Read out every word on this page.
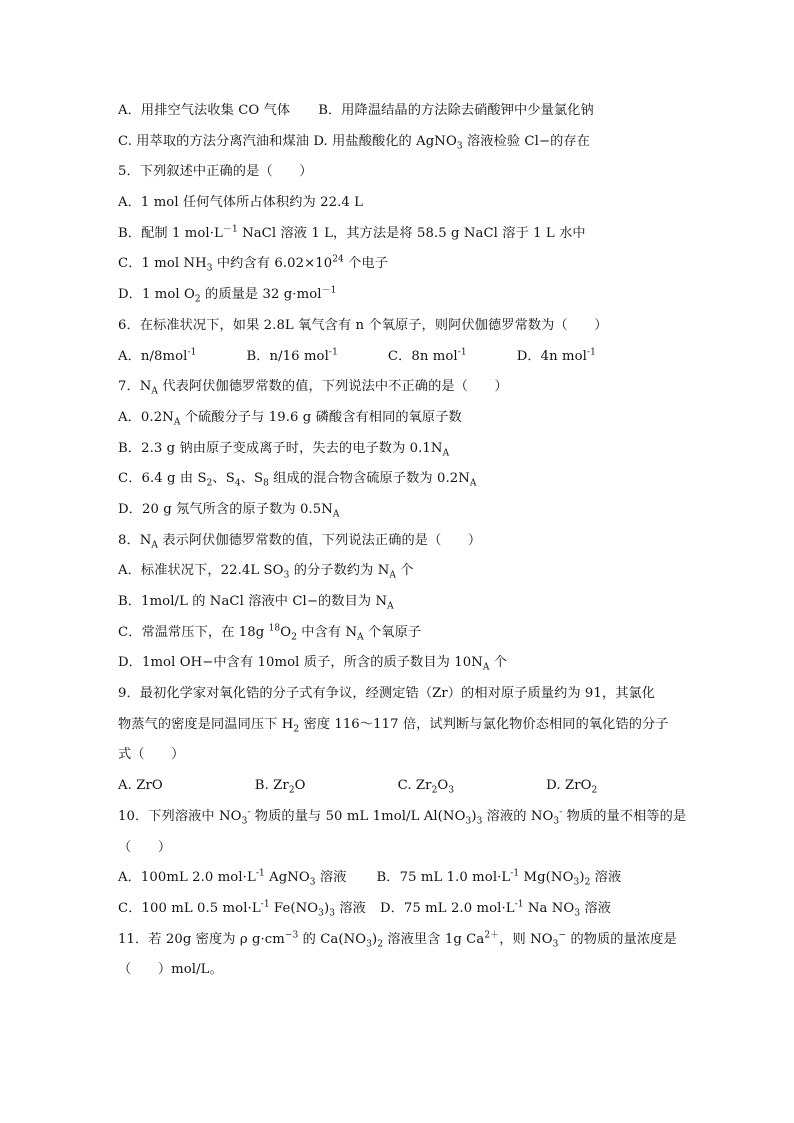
A．用排空气法收集 CO 气体 B．用降温结晶的方法除去硝酸钾中少量氯化钠
C. 用萃取的方法分离汽油和煤油 D. 用盐酸酸化的 AgNO$_3$ 溶液检验 Cl−的存在
5．下列叙述中正确的是（　　）
A．1 mol 任何气体所占体积约为 22.4 L
B．配制 1 $mol\cdot L^{-1}$ NaCl 溶液 1 L，其方法是将 58.5 g NaCl 溶于 1 L 水中
C．1 mol $NH_3$ 中约含有 $6.02\times 10^{24}$ 个电子
D．1 mol $O_2$ 的质量是 32 g·mol$^{-1}$
6．在标准状况下，如果 2.8L 氧气含有 n 个氧原子，则阿伏伽德罗常数为（　　）
A．n/8mol$^{-1}$	B．n/16 mol$^{-1}$	C．8n mol$^{-1}$	D．4n mol$^{-1}$
7．$N_A$ 代表阿伏伽德罗常数的值，下列说法中不正确的是（　　）
A．$0.2N_A$ 个硫酸分子与 19.6 g 磷酸含有相同的氧原子数
B．2.3 g 钠由原子变成离子时，失去的电子数为 $0.1N_A$
C．6.4 g 由 $S_2$、$S_4$、$S_8$ 组成的混合物含硫原子数为 $0.2N_A$
D．20 g 氖气所含的原子数为 $0.5N_A$
8．$N_A$ 表示阿伏伽德罗常数的值，下列说法正确的是（　　）
A．标准状况下，22.4L $SO_3$ 的分子数约为 $N_A$ 个
B．1mol/L 的 NaCl 溶液中 Cl−的数目为 $N_A$
C．常温常压下，在 18g $^{18}O_2$ 中含有 $N_A$ 个氧原子
D．1mol OH−中含有 10mol 质子，所含的质子数目为 $10N_A$ 个
9．最初化学家对氧化锆的分子式有争议，经测定锆（Zr）的相对原子质量约为 91，其氯化
物蒸气的密度是同温同压下 $H_2$ 密度 116～117 倍，试判断与氯化物价态相同的氧化锆的分子
式（　　）
A. ZrO	B. $Zr_2O$	C. $Zr_2O_3$	D. ZrO$_2$
10．下列溶液中 $NO_3^-$ 物质的量与 50 mL 1mol/L $Al(NO_3)_3$ 溶液的 $NO_3^-$ 物质的量不相等的是
（　　）
A．100mL 2.0 $mol\cdot L^{-1}$ AgNO$_3$ 溶液 B．75 mL 1.0 $mol\cdot L^{-1}$ $Mg(NO_3)_2$ 溶液
C．100 mL 0.5 $mol\cdot L^{-1}$ $Fe(NO_3)_3$ 溶液 D．75 mL 2.0 $mol\cdot L^{-1}$ Na $NO_3$ 溶液
11．若 20g 密度为 ρ $g\cdot cm^{-3}$ 的 $Ca(NO_3)_2$ 溶液里含 1g $Ca^{2+}$，则 $NO_3^-$ 的物质的量浓度是
（　　）mol/L。
